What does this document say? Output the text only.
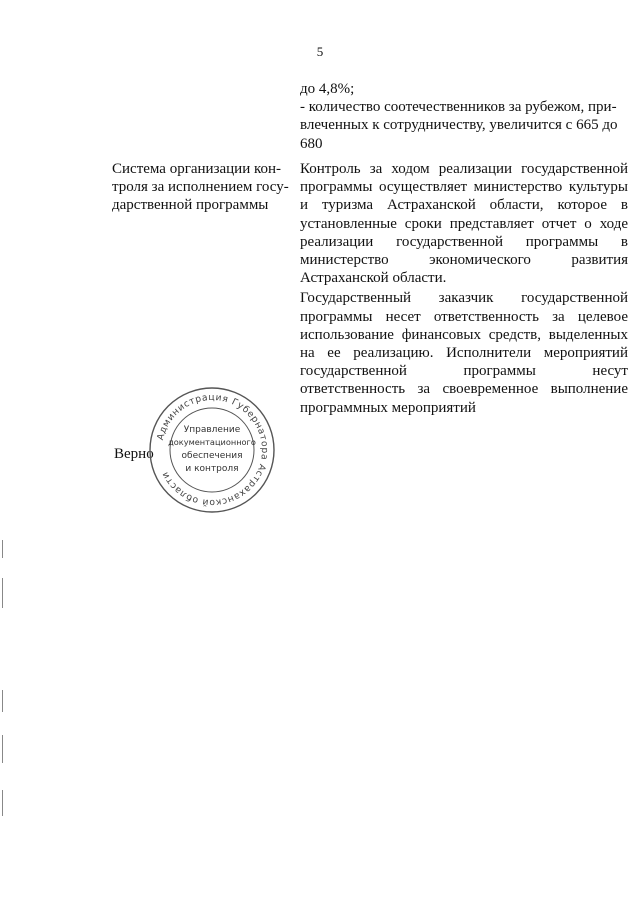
5

до 4,8%;

- количество соотечественников за рубежом, при-

влеченных к сотрудничеству, увеличится с 665 до

680

Система организации кон-

троля за исполнением госу-

дарственной программы

Контроль за ходом реализации государственной программы осуществляет министерство культуры и туризма Астраханской области, которое в установленные сроки представляет отчет о ходе реализации государственной программы в министерство экономического развития Астраханской области.

Государственный заказчик государственной программы несет ответственность за целевое использование финансовых средств, выделенных на ее реализацию. Исполнители мероприятий государственной программы несут ответственность за своевременное выполнение программных мероприятий

Верно
Администрация Губернатора Астраханской области
Управление
документационного
обеспечения
и контроля
